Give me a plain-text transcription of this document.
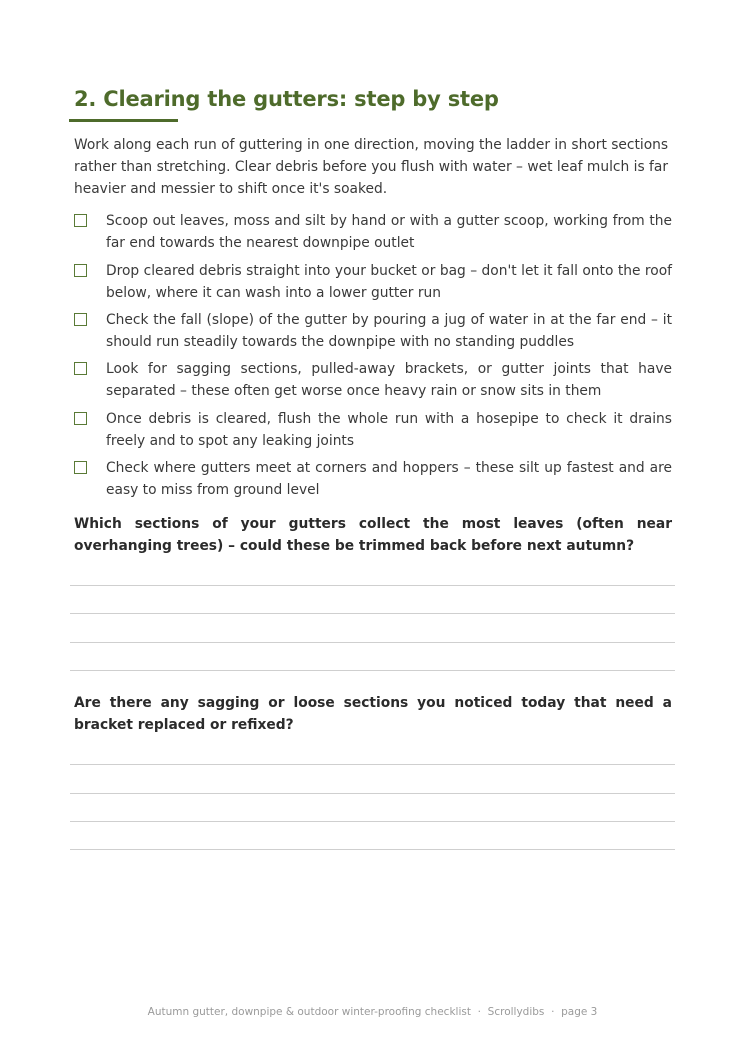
2. Clearing the gutters: step by step

Work along each run of guttering in one direction, moving the ladder in short sections rather than stretching. Clear debris before you flush with water – wet leaf mulch is far heavier and messier to shift once it's soaked.

Scoop out leaves, moss and silt by hand or with a gutter scoop, working from the far end towards the nearest downpipe outlet
Drop cleared debris straight into your bucket or bag – don't let it fall onto the roof below, where it can wash into a lower gutter run
Check the fall (slope) of the gutter by pouring a jug of water in at the far end – it should run steadily towards the downpipe with no standing puddles
Look for sagging sections, pulled-away brackets, or gutter joints that have separated – these often get worse once heavy rain or snow sits in them
Once debris is cleared, flush the whole run with a hosepipe to check it drains freely and to spot any leaking joints
Check where gutters meet at corners and hoppers – these silt up fastest and are easy to miss from ground level

Which sections of your gutters collect the most leaves (often near overhanging trees) – could these be trimmed back before next autumn?

Are there any sagging or loose sections you noticed today that need a bracket replaced or refixed?

Autumn gutter, downpipe & outdoor winter-proofing checklist · Scrollydibs · page 3
